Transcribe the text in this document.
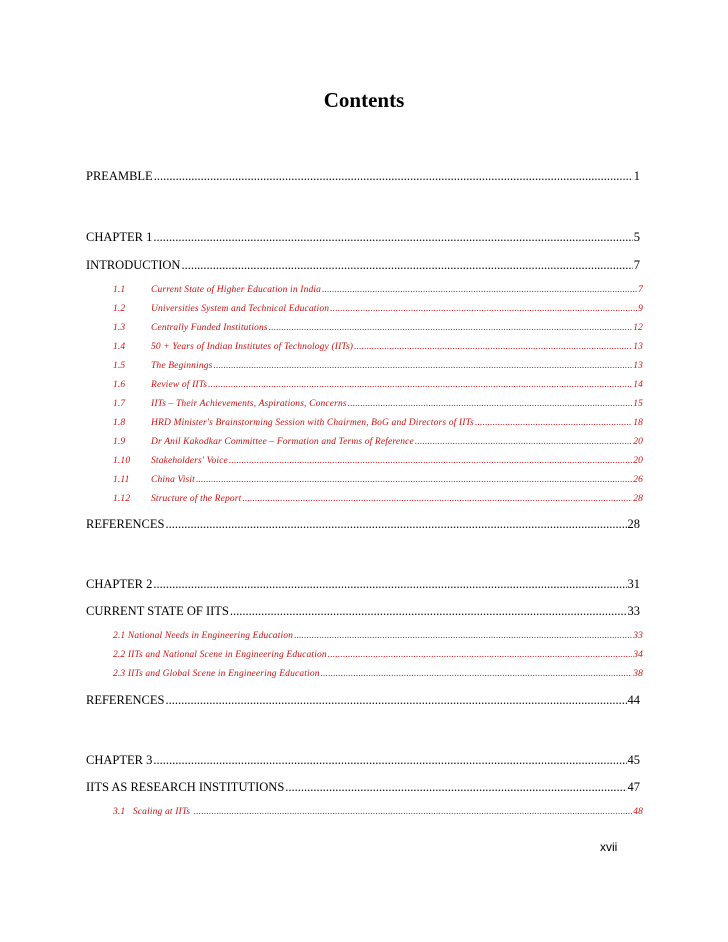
Contents
PREAMBLE .....	1
CHAPTER 1 .....	5
INTRODUCTION .....	7
1.1	Current State of Higher Education in India .....	7
1.2	Universities System and Technical Education .....	9
1.3	Centrally Funded Institutions .....	12
1.4	50 + Years of Indian Institutes of Technology (IITs) .....	13
1.5	The Beginnings .....	13
1.6	Review of IITs .....	14
1.7	IITs – Their Achievements, Aspirations, Concerns .....	15
1.8	HRD Minister's Brainstorming Session with Chairmen, BoG and Directors of IITs .....	18
1.9	Dr Anil Kakodkar Committee – Formation and Terms of Reference .....	20
1.10	Stakeholders' Voice .....	20
1.11	China Visit .....	26
1.12	Structure of the Report .....	28
REFERENCES .....	28
CHAPTER 2 .....	31
CURRENT STATE OF IITS .....	33
2.1 National Needs in Engineering Education .....	33
2.2 IITs and National Scene in Engineering Education .....	34
2.3 IITs and Global Scene in Engineering Education .....	38
REFERENCES .....	44
CHAPTER 3 .....	45
IITS AS RESEARCH INSTITUTIONS .....	47
3.1 Scaling at IITs .....	48
xvii
